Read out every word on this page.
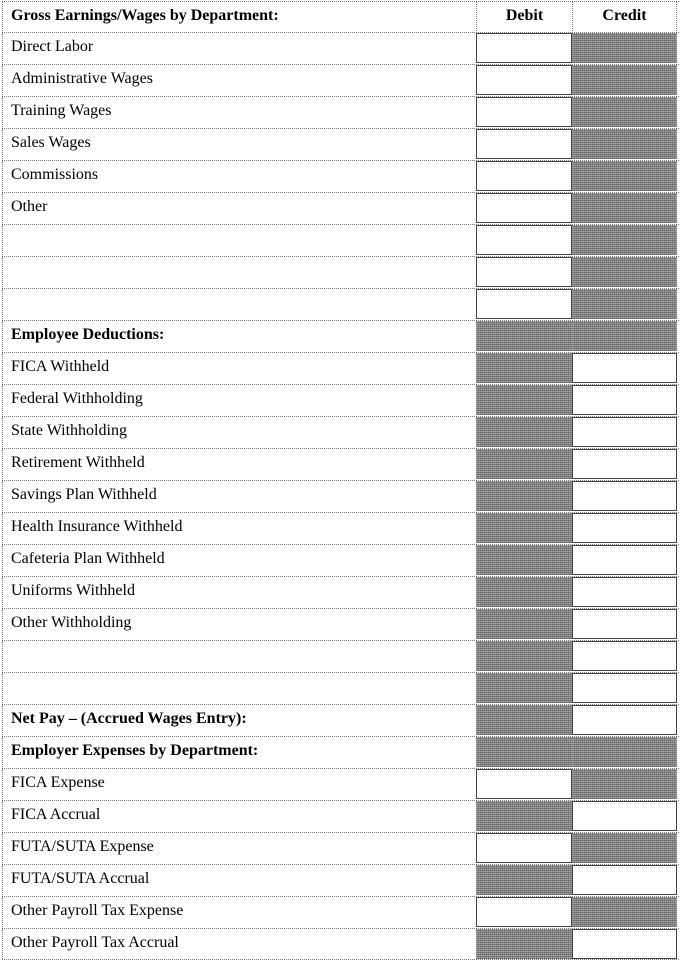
Gross Earnings/Wages by Department:	Debit	Credit
Direct Labor
Administrative Wages
Training Wages
Sales Wages
Commissions
Other
Employee Deductions:
FICA Withheld
Federal Withholding
State Withholding
Retirement Withheld
Savings Plan Withheld
Health Insurance Withheld
Cafeteria Plan Withheld
Uniforms Withheld
Other Withholding
Net Pay – (Accrued Wages Entry):
Employer Expenses by Department:
FICA Expense
FICA Accrual
FUTA/SUTA Expense
FUTA/SUTA Accrual
Other Payroll Tax Expense
Other Payroll Tax Accrual
